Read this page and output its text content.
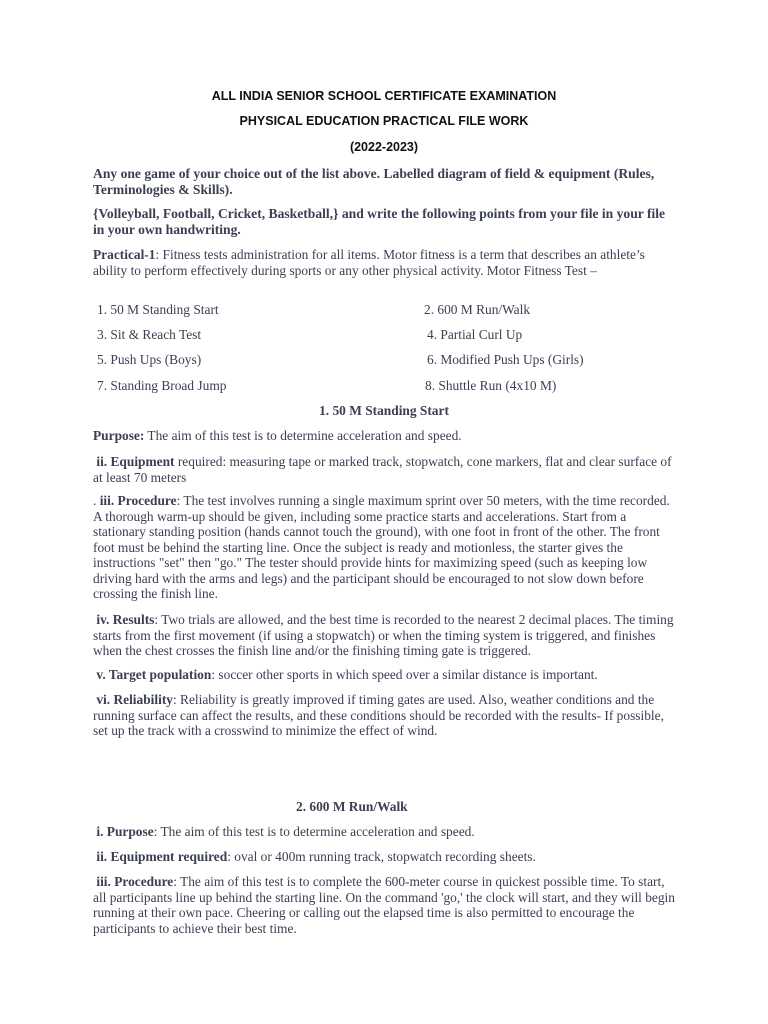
ALL INDIA SENIOR SCHOOL CERTIFICATE EXAMINATION
PHYSICAL EDUCATION PRACTICAL FILE WORK
(2022-2023)
Any one game of your choice out of the list above. Labelled diagram of field & equipment (Rules, Terminologies & Skills).
{Volleyball, Football, Cricket, Basketball,} and write the following points from your file in your file in your own handwriting.
Practical-1: Fitness tests administration for all items. Motor fitness is a term that describes an athlete’s ability to perform effectively during sports or any other physical activity. Motor Fitness Test –
1. 50 M Standing Start	2. 600 M Run/Walk
3. Sit & Reach Test	4. Partial Curl Up
5. Push Ups (Boys)	6. Modified Push Ups (Girls)
7. Standing Broad Jump	8. Shuttle Run (4x10 M)
1. 50 M Standing Start
Purpose: The aim of this test is to determine acceleration and speed.
ii. Equipment required: measuring tape or marked track, stopwatch, cone markers, flat and clear surface of at least 70 meters
. iii. Procedure: The test involves running a single maximum sprint over 50 meters, with the time recorded. A thorough warm-up should be given, including some practice starts and accelerations. Start from a stationary standing position (hands cannot touch the ground), with one foot in front of the other. The front foot must be behind the starting line. Once the subject is ready and motionless, the starter gives the instructions "set" then "go." The tester should provide hints for maximizing speed (such as keeping low driving hard with the arms and legs) and the participant should be encouraged to not slow down before crossing the finish line.
iv. Results: Two trials are allowed, and the best time is recorded to the nearest 2 decimal places. The timing starts from the first movement (if using a stopwatch) or when the timing system is triggered, and finishes when the chest crosses the finish line and/or the finishing timing gate is triggered.
v. Target population: soccer other sports in which speed over a similar distance is important.
vi. Reliability: Reliability is greatly improved if timing gates are used. Also, weather conditions and the running surface can affect the results, and these conditions should be recorded with the results- If possible, set up the track with a crosswind to minimize the effect of wind.
2. 600 M Run/Walk
i. Purpose: The aim of this test is to determine acceleration and speed.
ii. Equipment required: oval or 400m running track, stopwatch recording sheets.
iii. Procedure: The aim of this test is to complete the 600-meter course in quickest possible time. To start, all participants line up behind the starting line. On the command 'go,' the clock will start, and they will begin running at their own pace. Cheering or calling out the elapsed time is also permitted to encourage the participants to achieve their best time.
